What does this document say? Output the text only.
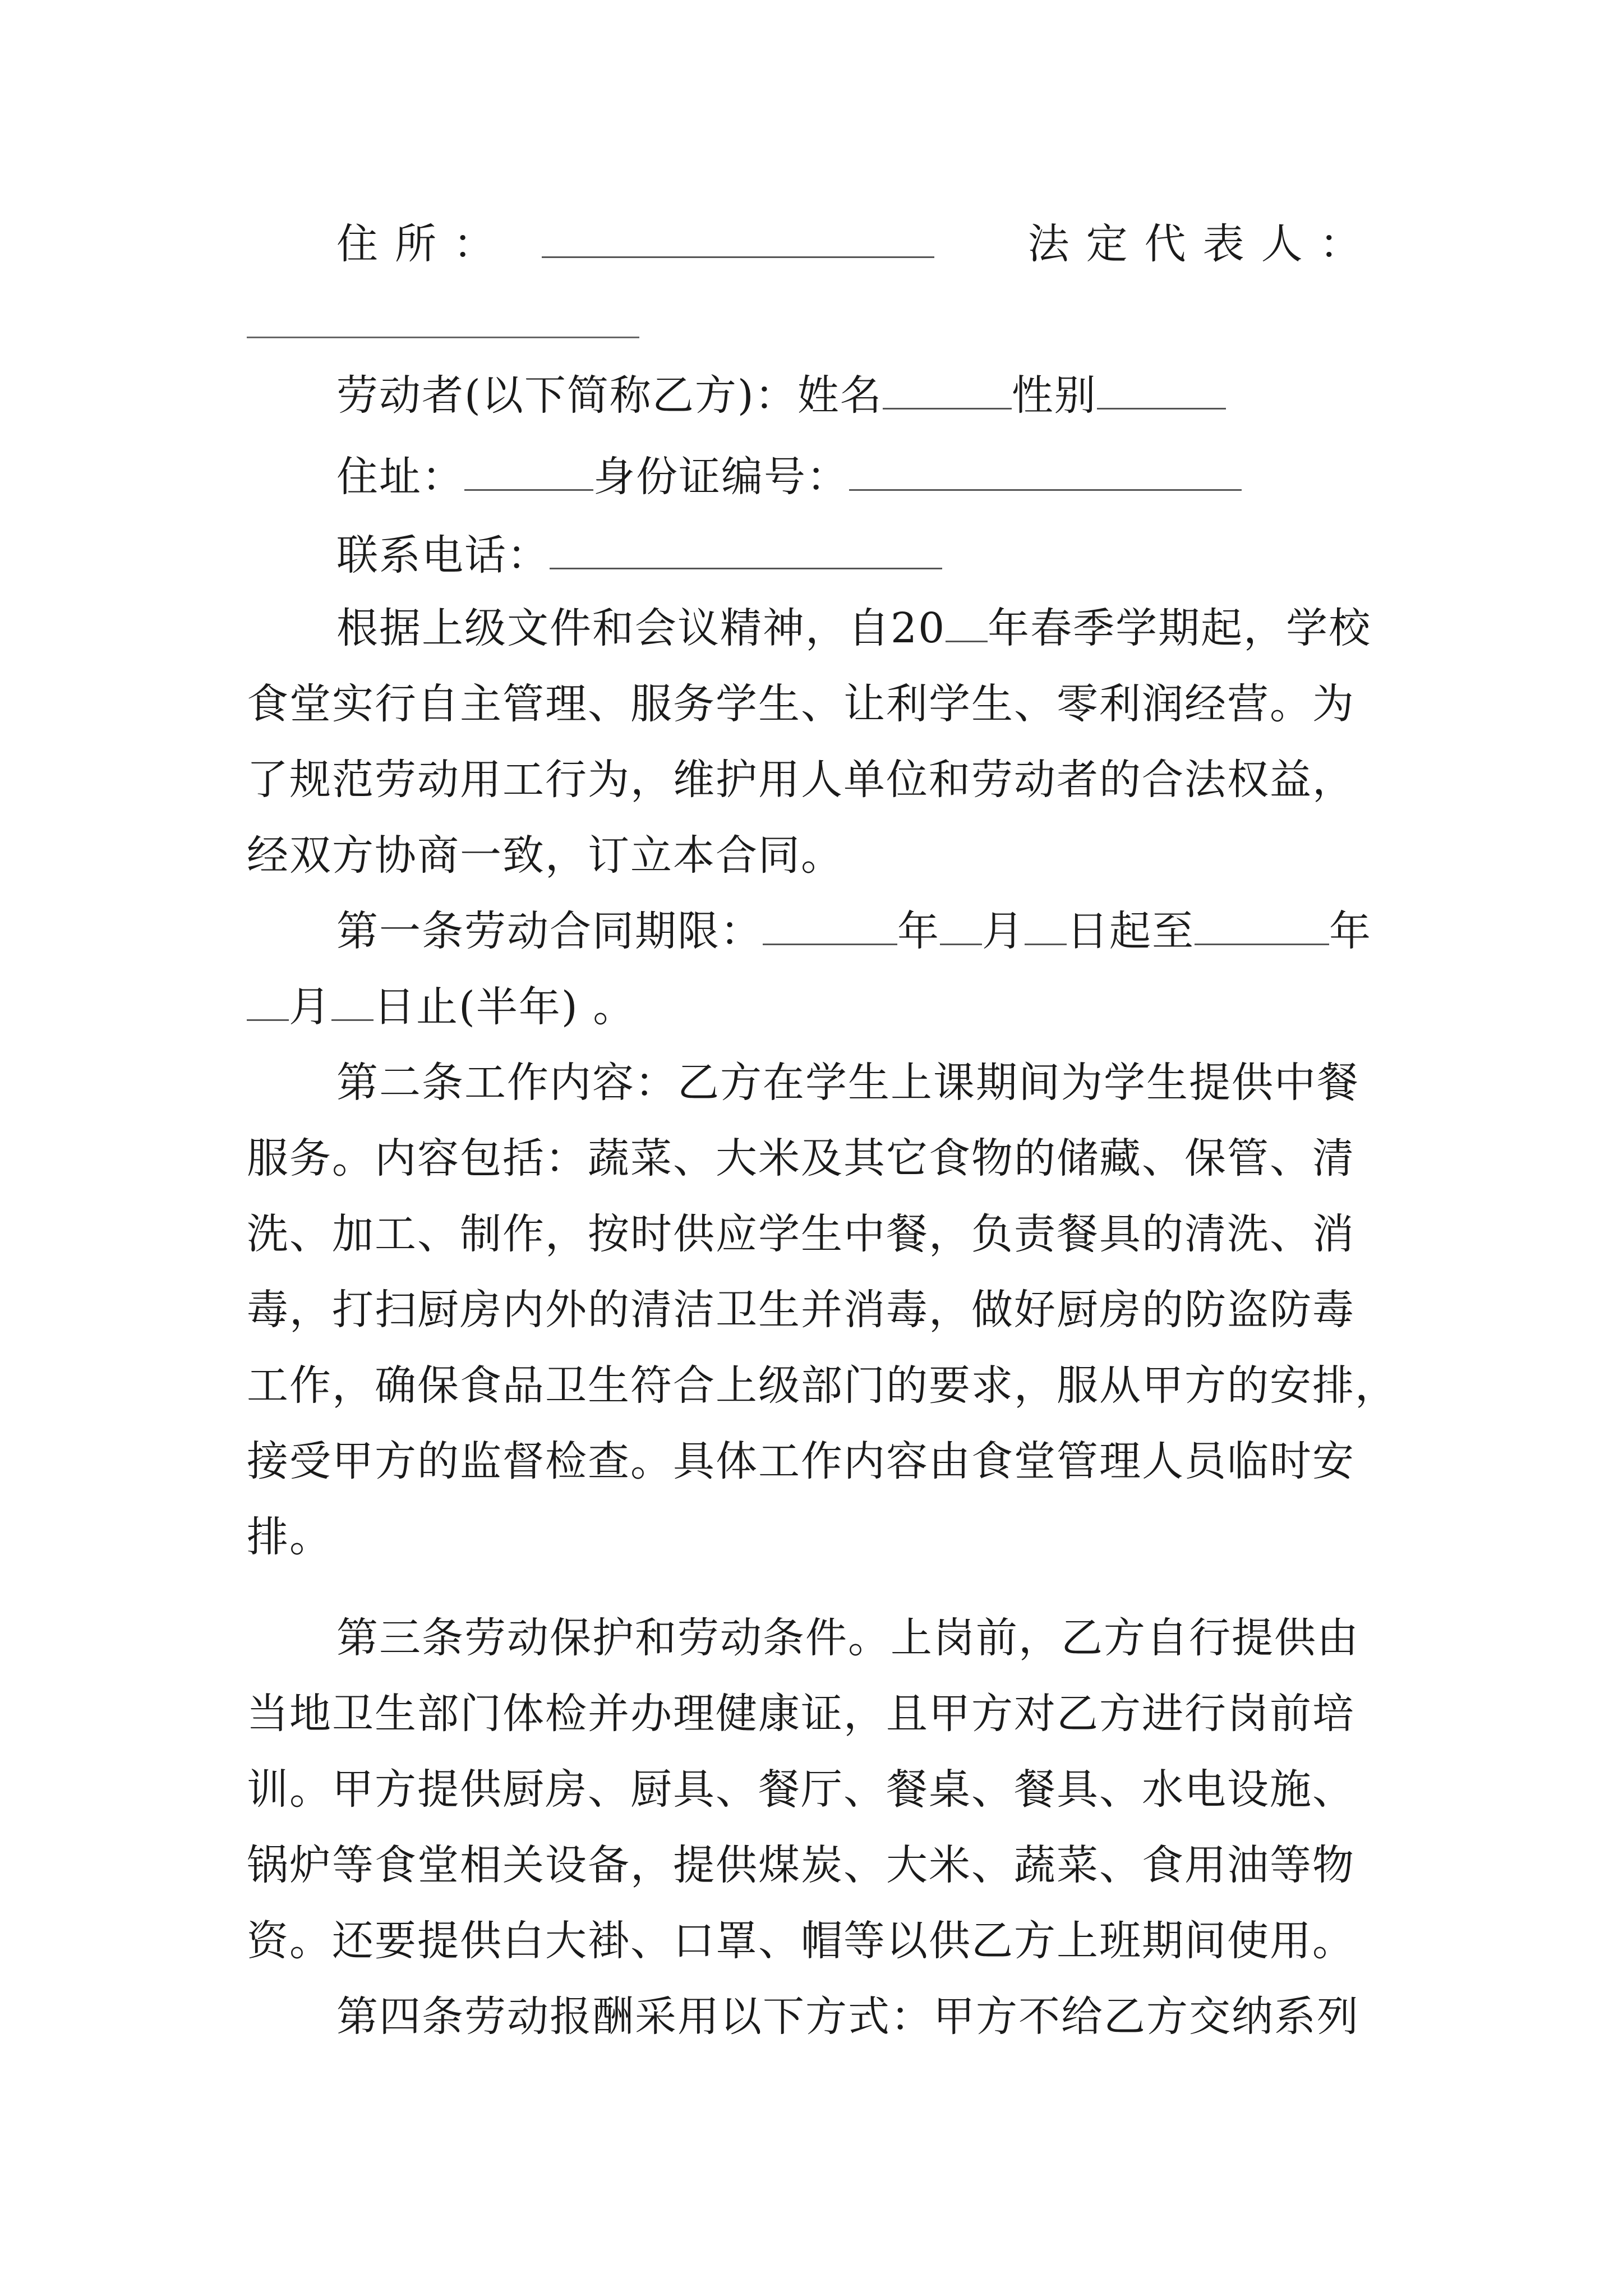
住所：	法定代表人：
劳动者(以下简称乙方)：姓名	性别
住址：	身份证编号：
联系电话：
根据上级文件和会议精神，自20 年春季学期起，学校
食堂实行自主管理、服务学生、让利学生、零利润经营。为
了规范劳动用工行为，维护用人单位和劳动者的合法权益，
经双方协商一致，订立本合同。
第一条劳动合同期限：	年 月 日起至	年
月 日止(半年) 。
第二条工作内容：乙方在学生上课期间为学生提供中餐
服务。内容包括：蔬菜、大米及其它食物的储藏、保管、清
洗、加工、制作，按时供应学生中餐，负责餐具的清洗、消
毒，打扫厨房内外的清洁卫生并消毒，做好厨房的防盗防毒
工作，确保食品卫生符合上级部门的要求，服从甲方的安排，
接受甲方的监督检查。具体工作内容由食堂管理人员临时安
排。
第三条劳动保护和劳动条件。上岗前，乙方自行提供由
当地卫生部门体检并办理健康证，且甲方对乙方进行岗前培
训。甲方提供厨房、厨具、餐厅、餐桌、餐具、水电设施、
锅炉等食堂相关设备，提供煤炭、大米、蔬菜、食用油等物
资。还要提供白大褂、口罩、帽等以供乙方上班期间使用。
第四条劳动报酬采用以下方式：甲方不给乙方交纳系列
